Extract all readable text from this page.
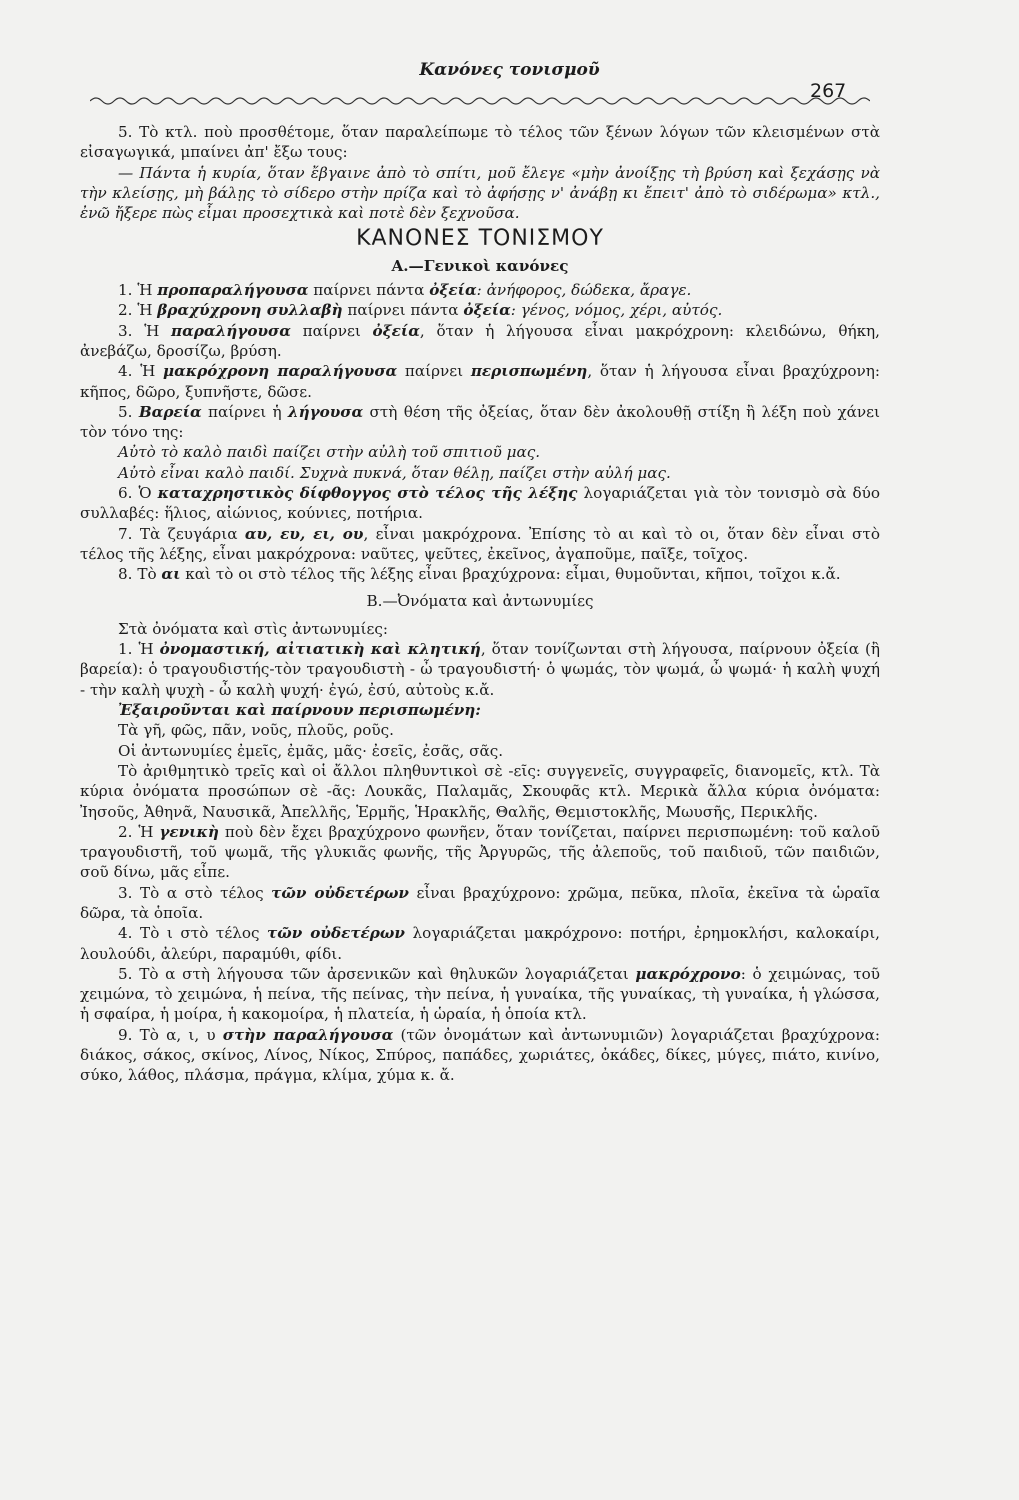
Κανόνες τονισμοῦ
267

5. Τὸ κτλ. ποὺ προσθέτομε, ὅταν παραλείπωμε τὸ τέλος τῶν ξένων λόγων τῶν κλεισμένων στὰ εἰσαγωγικά, μπαίνει ἀπ' ἔξω τους:

— Πάντα ἡ κυρία, ὅταν ἔβγαινε ἀπὸ τὸ σπίτι, μοῦ ἔλεγε «μὴν ἀνοίξῃς τὴ βρύση καὶ ξεχάσῃς νὰ τὴν κλείσῃς, μὴ βάλῃς τὸ σίδερο στὴν πρίζα καὶ τὸ ἀφήσῃς ν' ἀνάβῃ κι ἔπειτ' ἀπὸ τὸ σιδέρωμα» κτλ., ἐνῶ ἤξερε πὼς εἶμαι προσεχτικὰ καὶ ποτὲ δὲν ξεχνοῦσα.

ΚΑΝΟΝΕΣ ΤΟΝΙΣΜΟΥ

Α.—Γενικοὶ κανόνες

1. Ἡ προπαραλήγουσα παίρνει πάντα ὀξεία: ἀνήφορος, δώδεκα, ἄραγε.

2. Ἡ βραχύχρονη συλλαβὴ παίρνει πάντα ὀξεία: γένος, νόμος, χέρι, αὐτός.

3. Ἡ παραλήγουσα παίρνει ὀξεία, ὅταν ἡ λήγουσα εἶναι μακρόχρονη: κλειδώνω, θήκη, ἀνεβάζω, δροσίζω, βρύση.

4. Ἡ μακρόχρονη παραλήγουσα παίρνει περισπωμένη, ὅταν ἡ λήγουσα εἶναι βραχύχρονη: κῆπος, δῶρο, ξυπνῆστε, δῶσε.

5. Βαρεία παίρνει ἡ λήγουσα στὴ θέση τῆς ὀξείας, ὅταν δὲν ἀκολουθῇ στίξη ἢ λέξη ποὺ χάνει τὸν τόνο της:

Αὐτὸ τὸ καλὸ παιδὶ παίζει στὴν αὐλὴ τοῦ σπιτιοῦ μας.

Αὐτὸ εἶναι καλὸ παιδί. Συχνὰ πυκνά, ὅταν θέλῃ, παίζει στὴν αὐλή μας.

6. Ὁ καταχρηστικὸς δίφθογγος στὸ τέλος τῆς λέξης λογαριάζεται γιὰ τὸν τονισμὸ σὰ δύο συλλαβές: ἥλιος, αἰώνιος, κούνιες, ποτήρια.

7. Τὰ ζευγάρια αυ, ευ, ει, ου, εἶναι μακρόχρονα. Ἐπίσης τὸ αι καὶ τὸ οι, ὅταν δὲν εἶναι στὸ τέλος τῆς λέξης, εἶναι μακρόχρονα: ναῦτες, ψεῦτες, ἐκεῖνος, ἀγαποῦμε, παῖξε, τοῖχος.

8. Τὸ αι καὶ τὸ οι στὸ τέλος τῆς λέξης εἶναι βραχύχρονα: εἶμαι, θυμοῦνται, κῆποι, τοῖχοι κ.ἄ.

Β.—Ὀνόματα καὶ ἀντωνυμίες

Στὰ ὀνόματα καὶ στὶς ἀντωνυμίες:

1. Ἡ ὀνομαστική, αἰτιατικὴ καὶ κλητική, ὅταν τονίζωνται στὴ λήγουσα, παίρνουν ὀξεία (ἢ βαρεία): ὁ τραγουδιστής-τὸν τραγουδιστὴ - ὦ τραγουδιστή· ὁ ψωμάς, τὸν ψωμά, ὦ ψωμά· ἡ καλὴ ψυχή - τὴν καλὴ ψυχὴ - ὦ καλὴ ψυχή· ἐγώ, ἐσύ, αὐτοὺς κ.ἄ.

Ἐξαιροῦνται καὶ παίρνουν περισπωμένη:

Τὰ γῆ, φῶς, πᾶν, νοῦς, πλοῦς, ροῦς.

Οἱ ἀντωνυμίες ἐμεῖς, ἐμᾶς, μᾶς· ἐσεῖς, ἐσᾶς, σᾶς.

Τὸ ἀριθμητικὸ τρεῖς καὶ οἱ ἄλλοι πληθυντικοὶ σὲ -εῖς: συγγενεῖς, συγγραφεῖς, διανομεῖς, κτλ. Τὰ κύρια ὀνόματα προσώπων σὲ -ᾶς: Λουκᾶς, Παλαμᾶς, Σκουφᾶς κτλ. Μερικὰ ἄλλα κύρια ὀνόματα: Ἰησοῦς, Ἀθηνᾶ, Ναυσικᾶ, Ἀπελλῆς, Ἑρμῆς, Ἡρακλῆς, Θαλῆς, Θεμιστοκλῆς, Μωυσῆς, Περικλῆς.

2. Ἡ γενικὴ ποὺ δὲν ἔχει βραχύχρονο φωνῆεν, ὅταν τονίζεται, παίρνει περισπωμένη: τοῦ καλοῦ τραγουδιστῆ, τοῦ ψωμᾶ, τῆς γλυκιᾶς φωνῆς, τῆς Ἀργυρῶς, τῆς ἀλεποῦς, τοῦ παιδιοῦ, τῶν παιδιῶν, σοῦ δίνω, μᾶς εἶπε.

3. Τὸ α στὸ τέλος τῶν οὐδετέρων εἶναι βραχύχρονο: χρῶμα, πεῦκα, πλοῖα, ἐκεῖνα τὰ ὡραῖα δῶρα, τὰ ὁποῖα.

4. Τὸ ι στὸ τέλος τῶν οὐδετέρων λογαριάζεται μακρόχρονο: ποτήρι, ἐρημοκλήσι, καλοκαίρι, λουλούδι, ἀλεύρι, παραμύθι, φίδι.

5. Τὸ α στὴ λήγουσα τῶν ἀρσενικῶν καὶ θηλυκῶν λογαριάζεται μακρόχρονο: ὁ χειμώνας, τοῦ χειμώνα, τὸ χειμώνα, ἡ πείνα, τῆς πείνας, τὴν πείνα, ἡ γυναίκα, τῆς γυναίκας, τὴ γυναίκα, ἡ γλώσσα, ἡ σφαίρα, ἡ μοίρα, ἡ κακομοίρα, ἡ πλατεία, ἡ ὡραία, ἡ ὁποία κτλ.

9. Τὸ α, ι, υ στὴν παραλήγουσα (τῶν ὀνομάτων καὶ ἀντωνυμιῶν) λογαριάζεται βραχύχρονα: διάκος, σάκος, σκίνος, Λίνος, Νίκος, Σπύρος, παπάδες, χωριάτες, ὀκάδες, δίκες, μύγες, πιάτο, κινίνο, σύκο, λάθος, πλάσμα, πράγμα, κλίμα, χύμα κ. ἄ.
